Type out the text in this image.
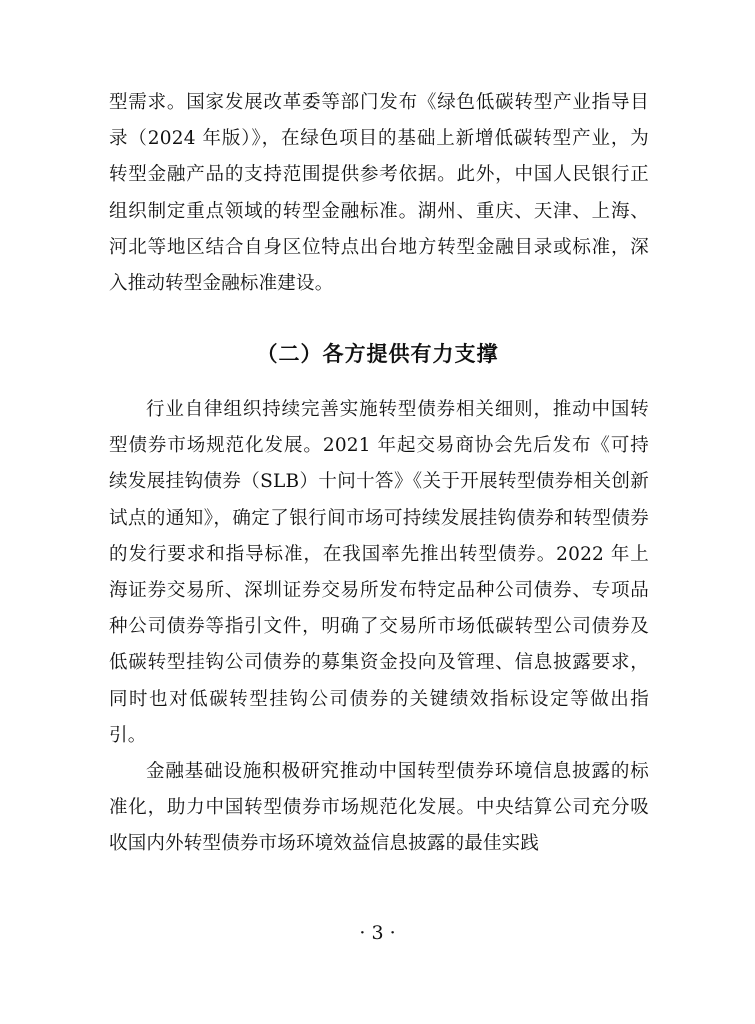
型需求。国家发展改革委等部门发布《绿色低碳转型产业指导目录（2024 年版）》，在绿色项目的基础上新增低碳转型产业，为转型金融产品的支持范围提供参考依据。此外，中国人民银行正组织制定重点领域的转型金融标准。湖州、重庆、天津、上海、河北等地区结合自身区位特点出台地方转型金融目录或标准，深入推动转型金融标准建设。

（二）各方提供有力支撑

行业自律组织持续完善实施转型债券相关细则，推动中国转型债券市场规范化发展。2021 年起交易商协会先后发布《可持续发展挂钩债券（SLB）十问十答》《关于开展转型债券相关创新试点的通知》，确定了银行间市场可持续发展挂钩债券和转型债券的发行要求和指导标准，在我国率先推出转型债券。2022 年上海证券交易所、深圳证券交易所发布特定品种公司债券、专项品种公司债券等指引文件，明确了交易所市场低碳转型公司债券及低碳转型挂钩公司债券的募集资金投向及管理、信息披露要求，同时也对低碳转型挂钩公司债券的关键绩效指标设定等做出指引。

金融基础设施积极研究推动中国转型债券环境信息披露的标准化，助力中国转型债券市场规范化发展。中央结算公司充分吸收国内外转型债券市场环境效益信息披露的最佳实践

· 3 ·
